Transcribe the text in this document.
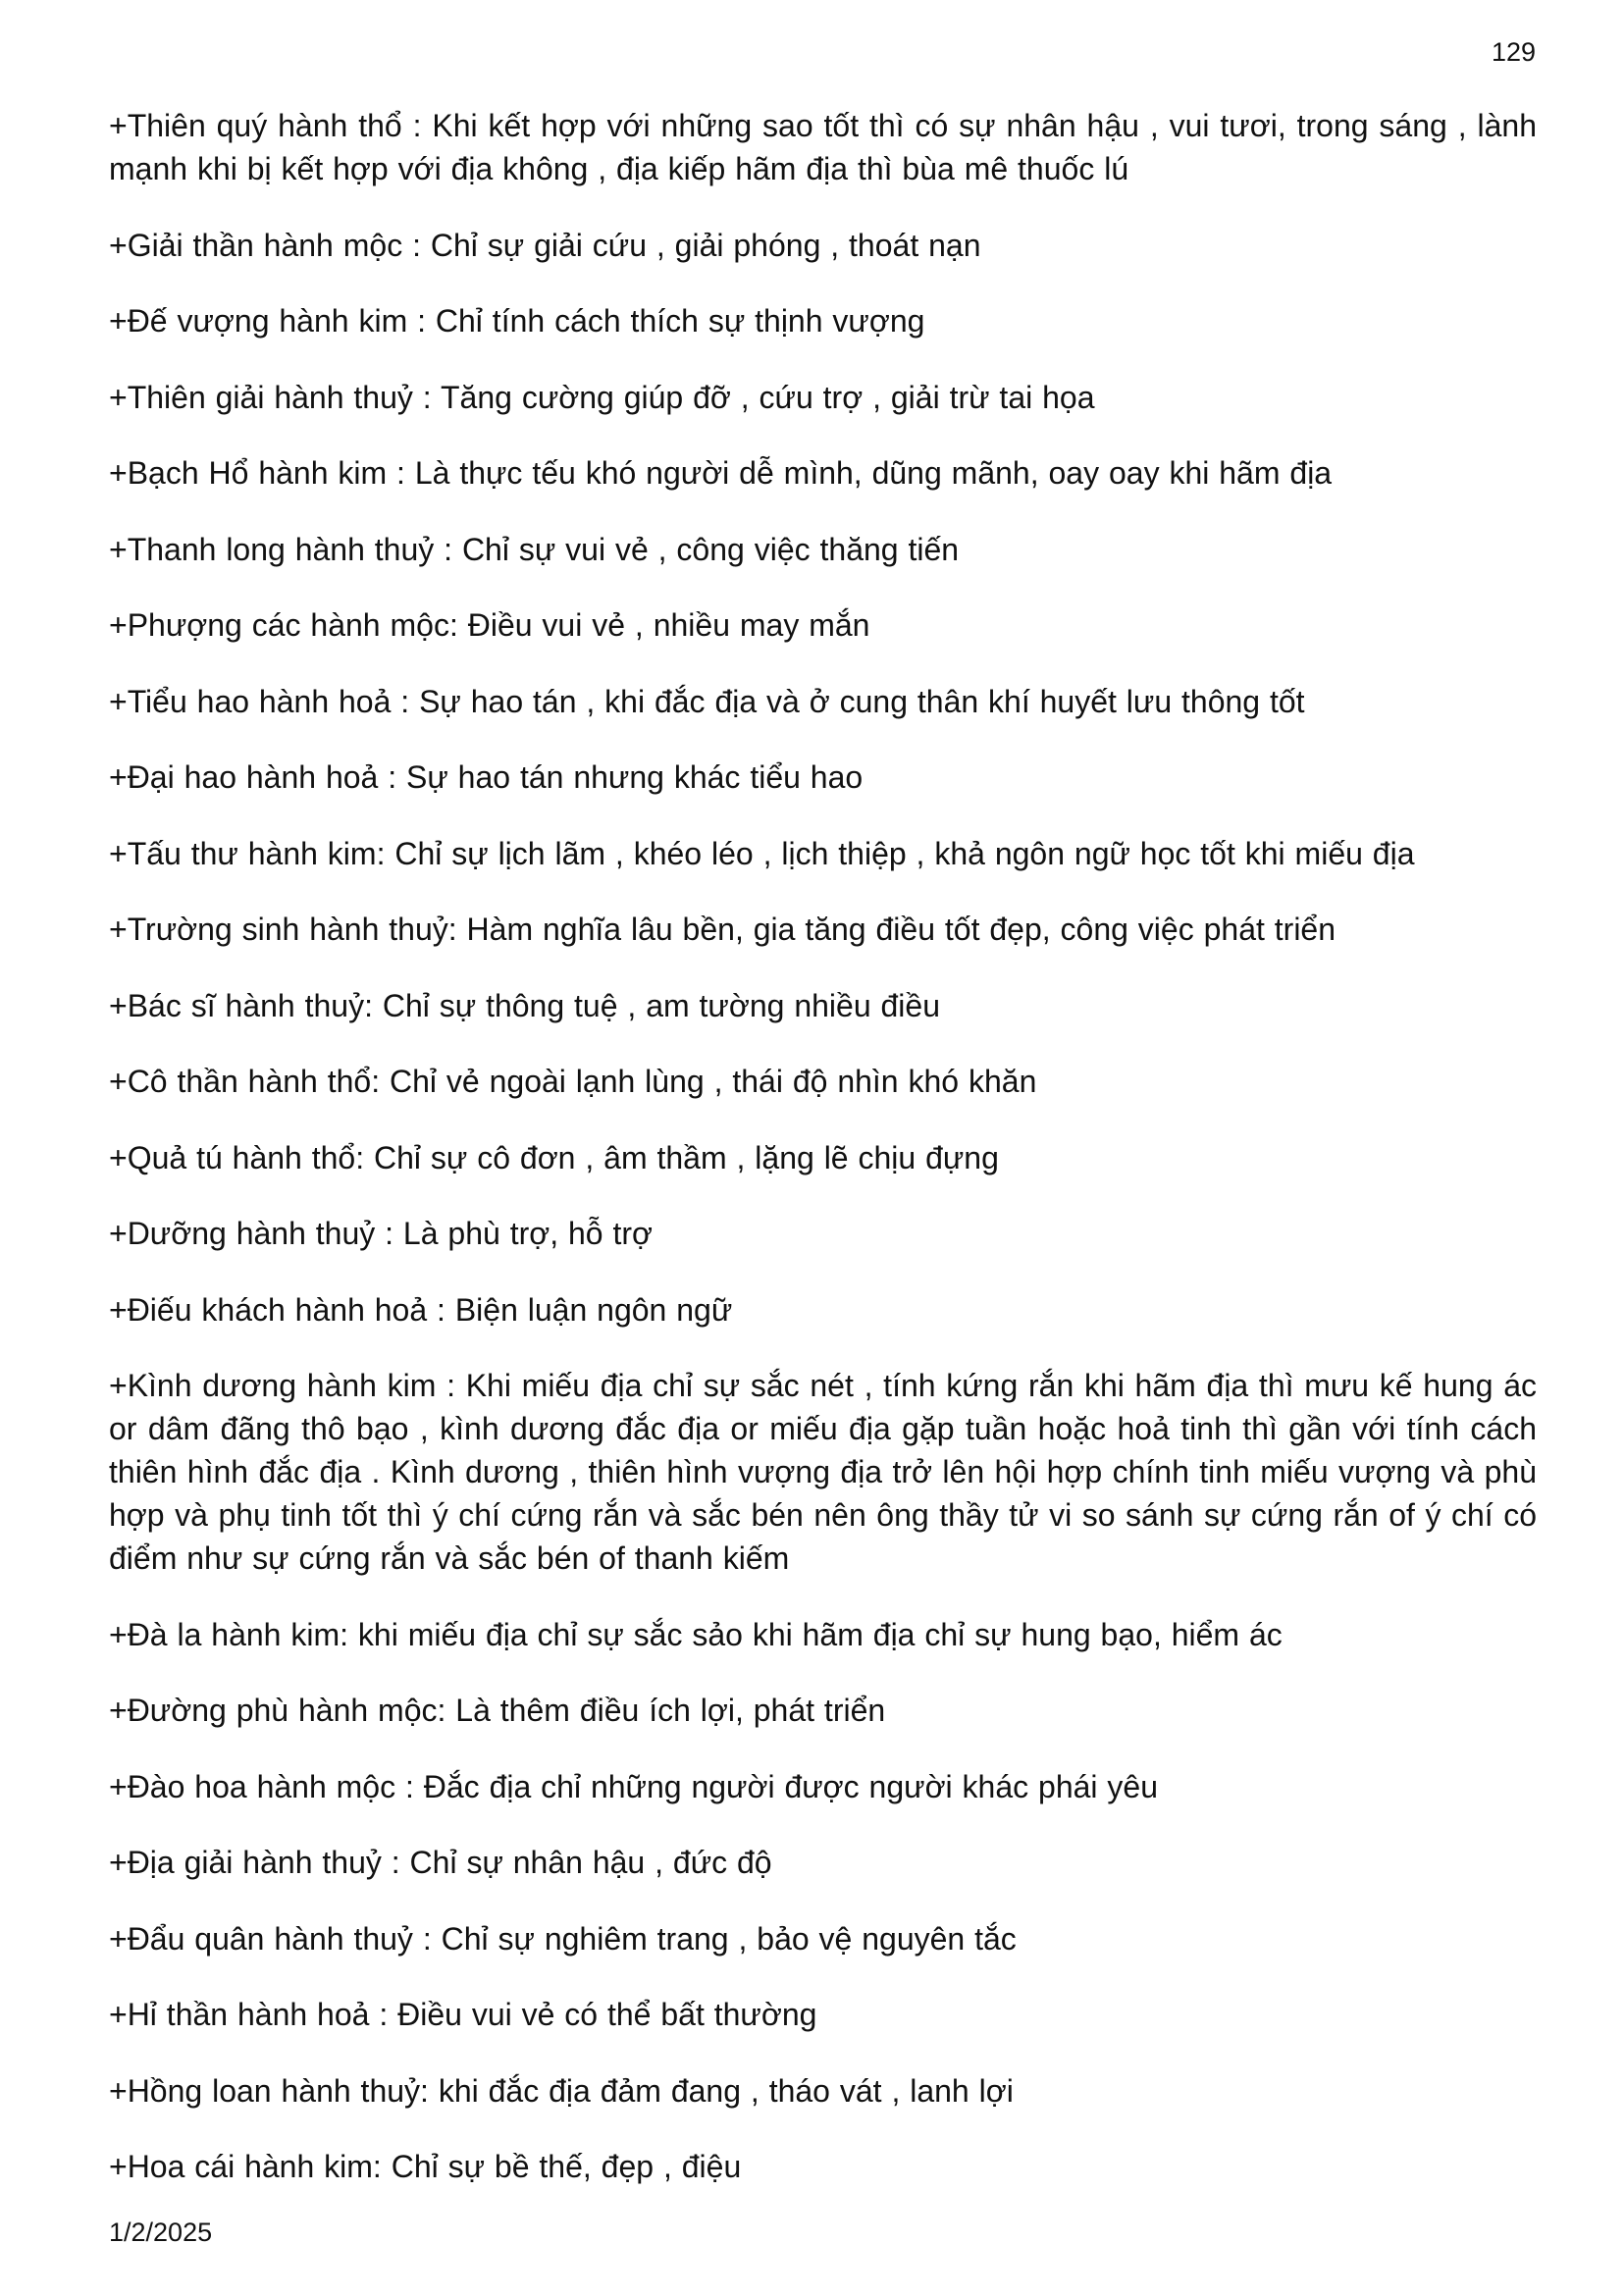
129

+Thiên quý hành thổ : Khi kết hợp với những sao tốt thì có sự nhân hậu , vui tươi, trong sáng , lành mạnh khi bị kết hợp với địa không , địa kiếp hãm địa thì bùa mê thuốc lú

+Giải thần hành mộc : Chỉ sự giải cứu , giải phóng , thoát nạn

+Đế vượng hành kim : Chỉ tính cách thích sự thịnh vượng

+Thiên giải hành thuỷ : Tăng cường giúp đỡ , cứu trợ , giải trừ tai họa

+Bạch Hổ hành kim : Là thực tếu khó người dễ mình, dũng mãnh, oay oay khi hãm địa

+Thanh long hành thuỷ : Chỉ sự vui vẻ , công việc thăng tiến

+Phượng các hành mộc: Điều vui vẻ , nhiều may mắn

+Tiểu hao hành hoả : Sự hao tán , khi đắc địa và ở cung thân khí huyết lưu thông tốt

+Đại hao hành hoả : Sự hao tán nhưng khác tiểu hao

+Tấu thư hành kim: Chỉ sự lịch lãm , khéo léo , lịch thiệp , khả ngôn ngữ học tốt khi miếu địa

+Trường sinh hành thuỷ: Hàm nghĩa lâu bền, gia tăng điều tốt đẹp, công việc phát triển

+Bác sĩ hành thuỷ: Chỉ sự thông tuệ , am tường nhiều điều

+Cô thần hành thổ: Chỉ vẻ ngoài lạnh lùng , thái độ nhìn khó khăn

+Quả tú hành thổ: Chỉ sự cô đơn , âm thầm , lặng lẽ chịu đựng

+Dưỡng hành thuỷ : Là phù trợ, hỗ trợ

+Điếu khách hành hoả : Biện luận ngôn ngữ

+Kình dương hành kim : Khi miếu địa chỉ sự sắc nét , tính kứng rắn khi hãm địa thì mưu kế hung ác or dâm đãng thô bạo , kình dương đắc địa or miếu địa gặp tuần hoặc hoả tinh thì gần với tính cách thiên hình đắc địa . Kình dương , thiên hình vượng địa trở lên hội hợp chính tinh miếu vượng và phù hợp và phụ tinh tốt thì ý chí cứng rắn và sắc bén nên ông thầy tử vi so sánh sự cứng rắn of ý chí có điểm như sự cứng rắn và sắc bén of thanh kiếm

+Đà la hành kim: khi miếu địa chỉ sự sắc sảo khi hãm địa chỉ sự hung bạo, hiểm ác

+Đường phù hành mộc: Là thêm điều ích lợi, phát triển

+Đào hoa hành mộc : Đắc địa chỉ những người được người khác phái yêu

+Địa giải hành thuỷ : Chỉ sự nhân hậu , đức độ

+Đẩu quân hành thuỷ : Chỉ sự nghiêm trang , bảo vệ nguyên tắc

+Hỉ thần hành hoả : Điều vui vẻ có thể bất thường

+Hồng loan hành thuỷ: khi đắc địa đảm đang , tháo vát , lanh lợi

+Hoa cái hành kim: Chỉ sự bề thế, đẹp , điệu

1/2/2025
